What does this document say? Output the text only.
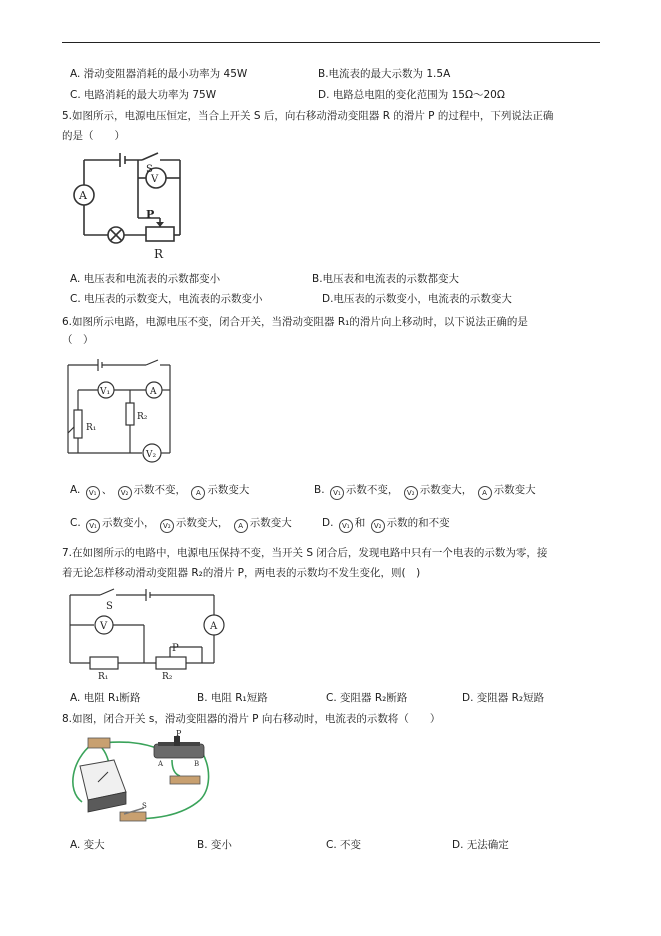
A. 滑动变阻器消耗的最小功率为 45W	B.电流表的最大示数为 1.5A
C. 电路消耗的最大功率为 75W	D. 电路总电阻的变化范围为 15Ω～20Ω
5.如图所示，电源电压恒定，当合上开关 S 后，向右移动滑动变阻器 R 的滑片 P 的过程中，下列说法正确
的是（　　）
A
S
V
P
R
A. 电压表和电流表的示数都变小	B.电压表和电流表的示数都变大
C. 电压表的示数变大，电流表的示数变小	D.电压表的示数变小，电流表的示数变大
6.如图所示电路，电源电压不变，闭合开关，当滑动变阻器 R₁的滑片向上移动时，以下说法正确的是
（　）
V₁	A
R₂
R₁
V₂
A. V₁ 、 V₂ 示数不变， A 示数变大	B. V₁ 示数不变， V₂ 示数变大， A 示数变大
C. V₁ 示数变小， V₂ 示数变大， A 示数变大	D. V₁ 和 V₂ 示数的和不变
7.在如图所示的电路中，电源电压保持不变，当开关 S 闭合后，发现电路中只有一个电表的示数为零，接
着无论怎样移动滑动变阻器 R₂的滑片 P，两电表的示数均不发生变化，则(　)
S
V	A
P
R₁	R₂
A. 电阻 R₁断路	B. 电阻 R₁短路	C. 变阻器 R₂断路	D. 变阻器 R₂短路
8.如图，闭合开关 s，滑动变阻器的滑片 P 向右移动时，电流表的示数将（　　）
P
A	B
S
A. 变大	B. 变小	C. 不变	D. 无法确定
